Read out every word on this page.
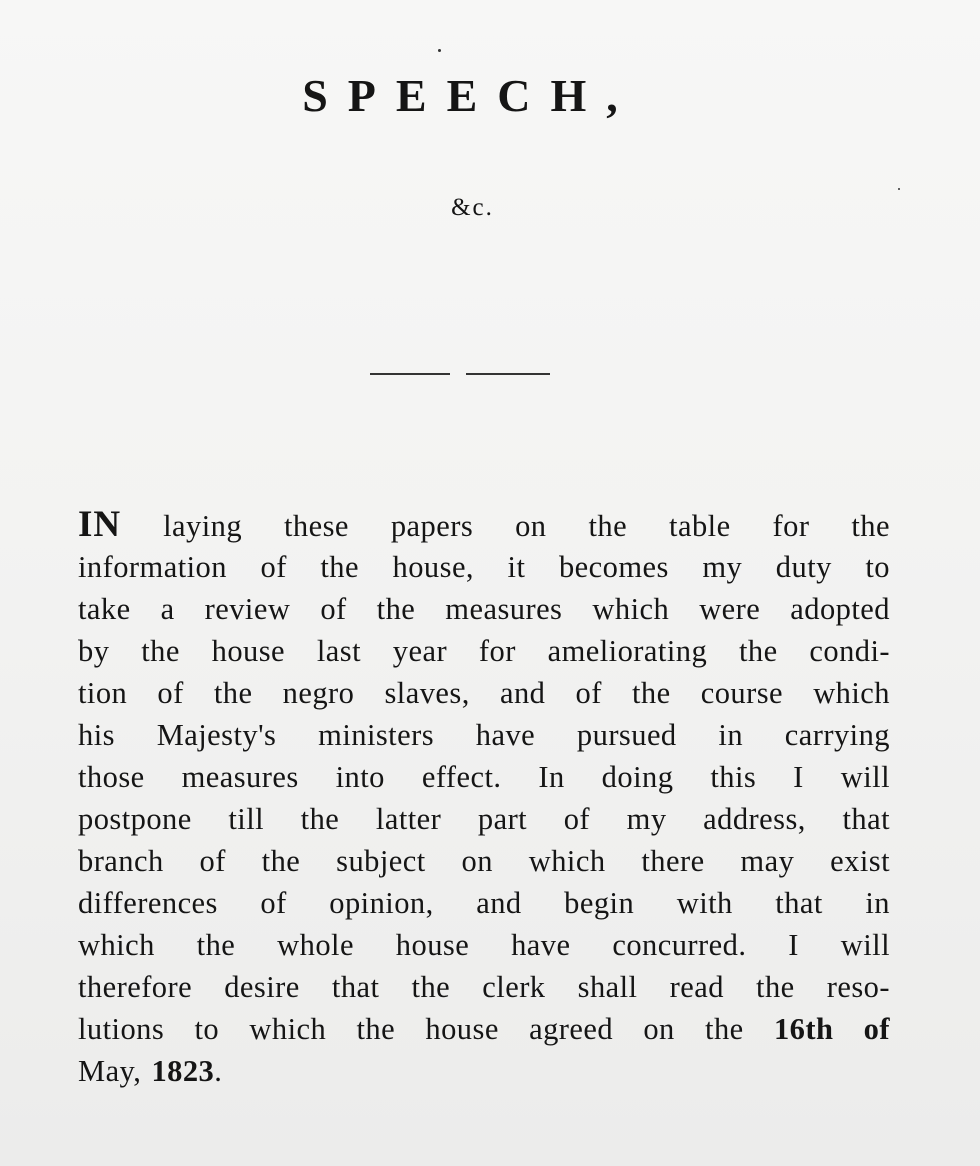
SPEECH,
&c.
IN laying these papers on the table for the
information of the house, it becomes my duty to
take a review of the measures which were adopted
by the house last year for ameliorating the condi-
tion of the negro slaves, and of the course which
his Majesty's ministers have pursued in carrying
those measures into effect. In doing this I will
postpone till the latter part of my address, that
branch of the subject on which there may exist
differences of opinion, and begin with that in
which the whole house have concurred. I will
therefore desire that the clerk shall read the reso-
lutions to which the house agreed on the 16th of
May, 1823.
